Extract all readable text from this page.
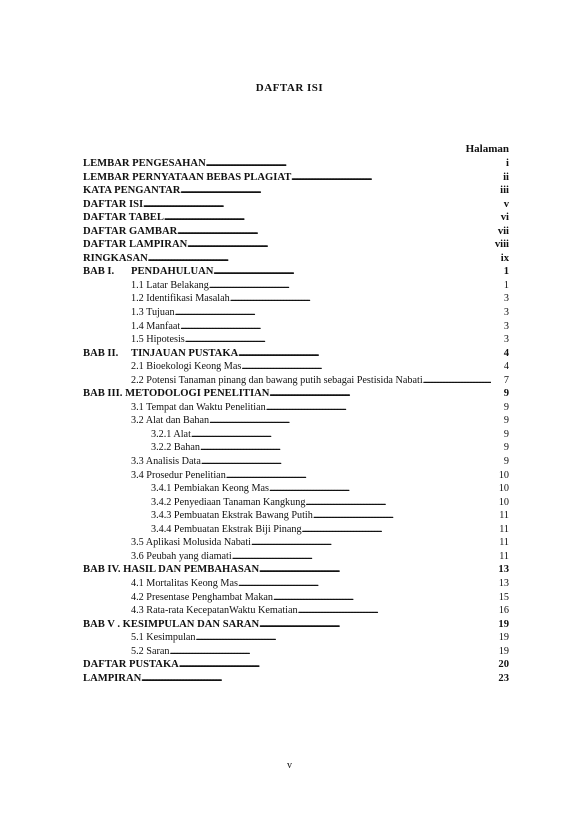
DAFTAR ISI
Halaman
LEMBAR PENGESAHAN . . .	i
LEMBAR PERNYATAAN BEBAS PLAGIAT . . .	ii
KATA PENGANTAR . . .	iii
DAFTAR ISI . . .	v
DAFTAR TABEL . . .	vi
DAFTAR GAMBAR . . .	vii
DAFTAR LAMPIRAN . . .	viii
RINGKASAN . . .	ix
BAB I. PENDAHULUAN . . .	1
1.1 Latar Belakang . . .	1
1.2 Identifikasi Masalah . . .	3
1.3 Tujuan . . .	3
1.4 Manfaat . . .	3
1.5 Hipotesis . . .	3
BAB II. TINJAUAN PUSTAKA . . .	4
2.1 Bioekologi Keong Mas . . .	4
2.2 Potensi Tanaman pinang dan bawang putih sebagai Pestisida Nabati . . .	7
BAB III. METODOLOGI PENELITIAN . . .	9
3.1 Tempat dan Waktu Penelitian . . .	9
3.2 Alat dan Bahan . . .	9
3.2.1 Alat . . .	9
3.2.2 Bahan . . .	9
3.3 Analisis Data . . .	9
3.4 Prosedur Penelitian . . .	10
3.4.1 Pembiakan Keong Mas . . .	10
3.4.2 Penyediaan Tanaman Kangkung . . .	10
3.4.3 Pembuatan Ekstrak Bawang Putih . . .	11
3.4.4 Pembuatan Ekstrak Biji Pinang . . .	11
3.5 Aplikasi Molusida Nabati . . .	11
3.6 Peubah yang diamati . . .	11
BAB IV. HASIL DAN PEMBAHASAN . . .	13
4.1 Mortalitas Keong Mas . . .	13
4.2 Presentase Penghambat Makan . . .	15
4.3 Rata-rata KecepatanWaktu Kematian . . .	16
BAB V . KESIMPULAN DAN SARAN . . .	19
5.1 Kesimpulan . . .	19
5.2 Saran . . .	19
DAFTAR PUSTAKA . . .	20
LAMPIRAN . . .	23
v
